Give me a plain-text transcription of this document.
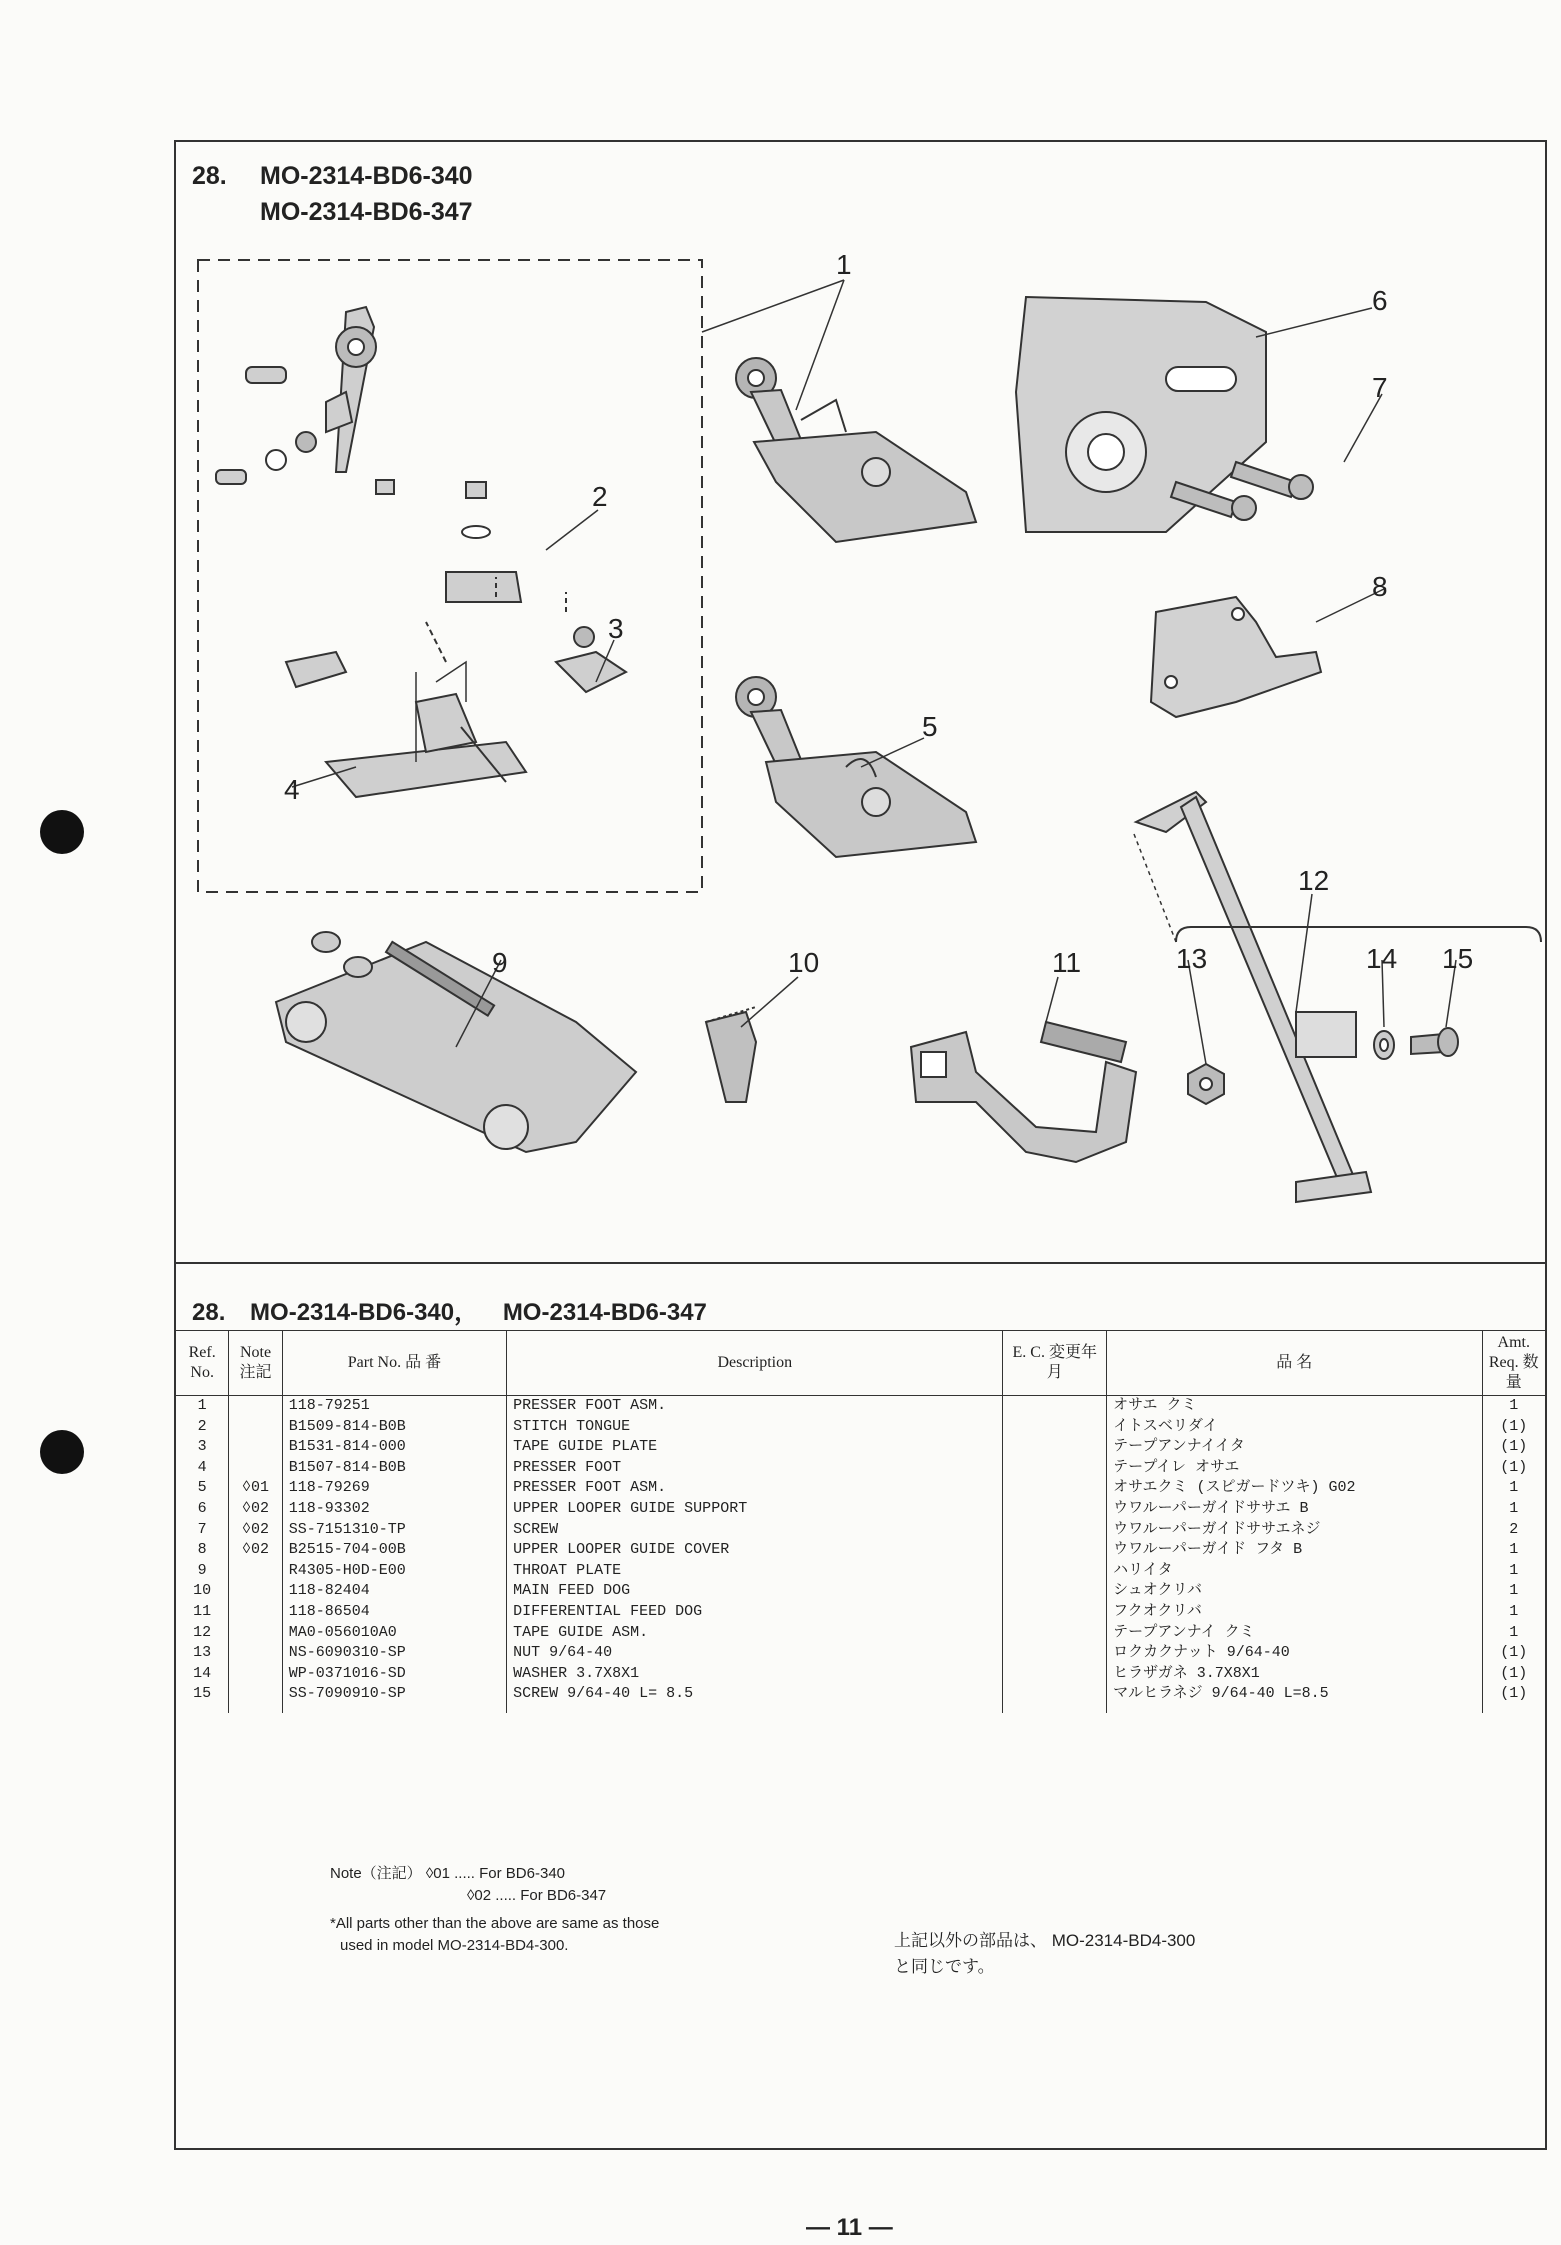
28. MO-2314-BD6-340
MO-2314-BD6-347
1
2
3
4
5
6
7
8
9	10	11
12
13	14 15
28. MO-2314-BD6-340， MO-2314-BD6-347
Ref. No.	Note 注記	Part No. 品 番	Description	E. C. 変更年月	品 名	Amt. Req. 数量
1		118-79251	PRESSER FOOT ASM.		オサエ クミ	1
2		B1509-814-B0B	STITCH TONGUE		イトスベリダイ	(1)
3		B1531-814-000	TAPE GUIDE PLATE		テープアンナイイタ	(1)
4		B1507-814-B0B	PRESSER FOOT		テープイレ オサエ	(1)
5	◊01	118-79269	PRESSER FOOT ASM.		オサエクミ (スピガードツキ) G02	1
6	◊02	118-93302	UPPER LOOPER GUIDE SUPPORT		ウワルーパーガイドササエ B	1
7	◊02	SS-7151310-TP	SCREW		ウワルーパーガイドササエネジ	2
8	◊02	B2515-704-00B	UPPER LOOPER GUIDE COVER		ウワルーパーガイド フタ B	1
9		R4305-H0D-E00	THROAT PLATE		ハリイタ	1
10		118-82404	MAIN FEED DOG		シュオクリバ	1
11		118-86504	DIFFERENTIAL FEED DOG		フクオクリバ	1
12		MA0-056010A0	TAPE GUIDE ASM.		テープアンナイ クミ	1
13		NS-6090310-SP	NUT 9/64-40		ロクカクナット 9/64-40	(1)
14		WP-0371016-SD	WASHER 3.7X8X1		ヒラザガネ 3.7X8X1	(1)
15		SS-7090910-SP	SCREW 9/64-40 L= 8.5		マルヒラネジ 9/64-40 L=8.5	(1)

Note（注記） ◊01 ..... For BD6-340
◊02 ..... For BD6-347
*All parts other than the above are same as those
used in model MO-2314-BD4-300.	上記以外の部品は、 MO-2314-BD4-300
と同じです。
— 11 —
